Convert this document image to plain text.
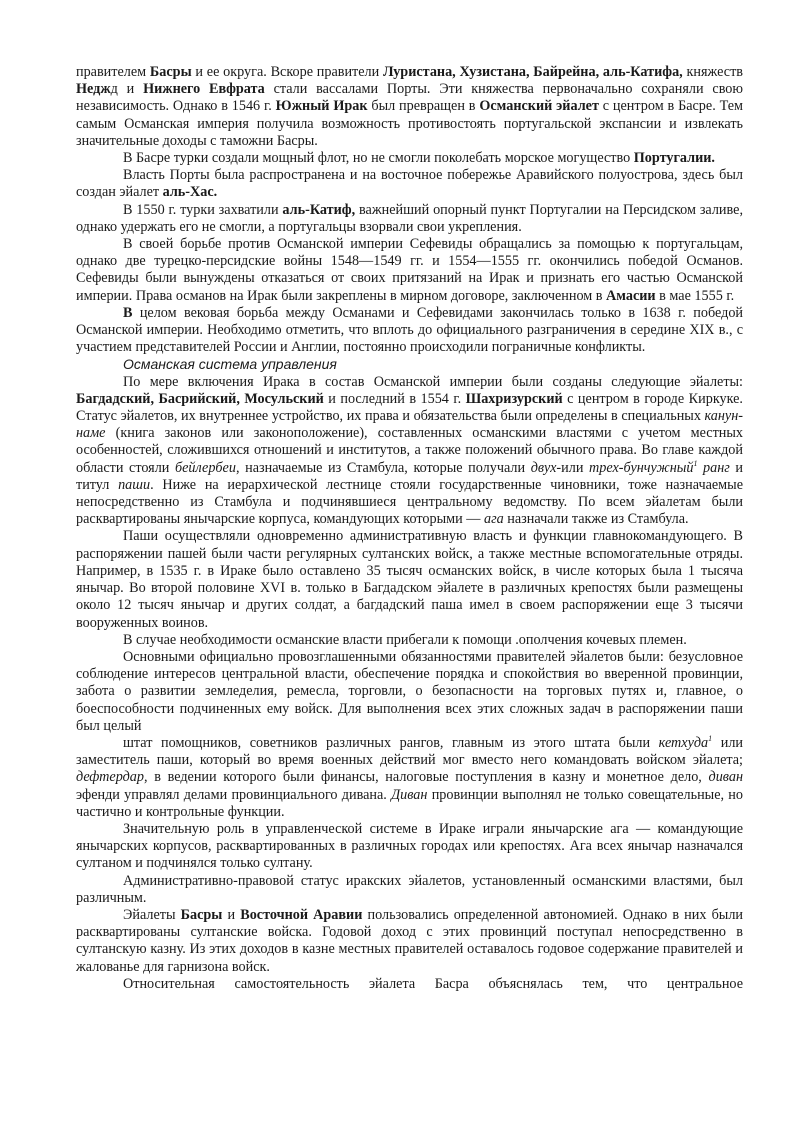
правителем Басры и ее округа. Вскоре правители Луристана, Хузистана, Байрейна, аль-Катифа, княжеств Неджд и Нижнего Евфрата стали вассалами Порты. Эти княжества первоначально сохраняли свою независимость. Однако в 1546 г. Южный Ирак был превращен в Османский эйалет с центром в Басре. Тем самым Османская империя получила возможность противостоять португальской экспансии и извлекать значительные доходы с таможни Басры.

В Басре турки создали мощный флот, но не смогли поколебать морское могущество Португалии.

Власть Порты была распространена и на восточное побережье Аравийского полуострова, здесь был создан эйалет аль-Хас.

В 1550 г. турки захватили аль-Катиф, важнейший опорный пункт Португалии на Персидском заливе, однако удержать его не смогли, а португальцы взорвали свои укрепления.

В своей борьбе против Османской империи Сефевиды обращались за помощью к португальцам, однако две турецко-персидские войны 1548—1549 гг. и 1554—1555 гг. окончились победой Османов. Сефевиды были вынуждены отказаться от своих притязаний на Ирак и признать его частью Османской империи. Права османов на Ирак были закреплены в мирном договоре, заключенном в Амасии в мае 1555 г.

В целом вековая борьба между Османами и Сефевидами закончилась только в 1638 г. победой Османской империи. Необходимо отметить, что вплоть до официального разграничения в середине XIX в., с участием представителей России и Англии, постоянно происходили пограничные конфликты.

Османская система управления

По мере включения Ирака в состав Османской империи были созданы следующие эйалеты: Багдадский, Басрийский, Мосульский и последний в 1554 г. Шахризурский с центром в городе Киркуке. Статус эйалетов, их внутреннее устройство, их права и обязательства были определены в специальных канун-наме (книга законов или законоположение), составленных османскими властями с учетом местных особенностей, сложившихся отношений и институтов, а также положений обычного права. Во главе каждой области стояли бейлербеи, назначаемые из Стамбула, которые получали двух-или трех-бунчужный$^1$ ранг и титул паши. Ниже на иерархической лестнице стояли государственные чиновники, тоже назначаемые непосредственно из Стамбула и подчинявшиеся центральному ведомству. По всем эйалетам были расквартированы янычарские корпуса, командующих которыми — ага назначали также из Стамбула.

Паши осуществляли одновременно административную власть и функции главнокомандующего. В распоряжении пашей были части регулярных султанских войск, а также местные вспомогательные отряды. Например, в 1535 г. в Ираке было оставлено 35 тысяч османских войск, в числе которых была 1 тысяча янычар. Во второй половине XVI в. только в Багдадском эйалете в различных крепостях были размещены около 12 тысяч янычар и других солдат, а багдадский паша имел в своем распоряжении еще 3 тысячи вооруженных воинов.

В случае необходимости османские власти прибегали к помощи .ополчения кочевых племен.

Основными официально провозглашенными обязанностями правителей эйалетов были: безусловное соблюдение интересов центральной власти, обеспечение порядка и спокойствия во вверенной провинции, забота о развитии земледелия, ремесла, торговли, о безопасности на торговых путях и, главное, о боеспособности подчиненных ему войск. Для выполнения всех этих сложных задач в распоряжении паши был целый

штат помощников, советников различных рангов, главным из этого штата были кетхуда$^1$ или заместитель паши, который во время военных действий мог вместо него командовать войском эйалета; дефтердар, в ведении которого были финансы, налоговые поступления в казну и монетное дело, диван эфенди управлял делами провинциального дивана. Диван провинции выполнял не только совещательные, но частично и контрольные функции.

Значительную роль в управленческой системе в Ираке играли янычарские ага — командующие янычарских корпусов, расквартированных в различных городах или крепостях. Ага всех янычар назначался султаном и подчинялся только султану.

Административно-правовой статус иракских эйалетов, установленный османскими властями, был различным.

Эйалеты Басры и Восточной Аравии пользовались определенной автономией. Однако в них были расквартированы султанские войска. Годовой доход с этих провинций поступал непосредственно в султанскую казну. Из этих доходов в казне местных правителей оставалось годовое содержание правителей и жалованье для гарнизона войск.

Относительная самостоятельность эйалета Басра объяснялась тем, что центральное
